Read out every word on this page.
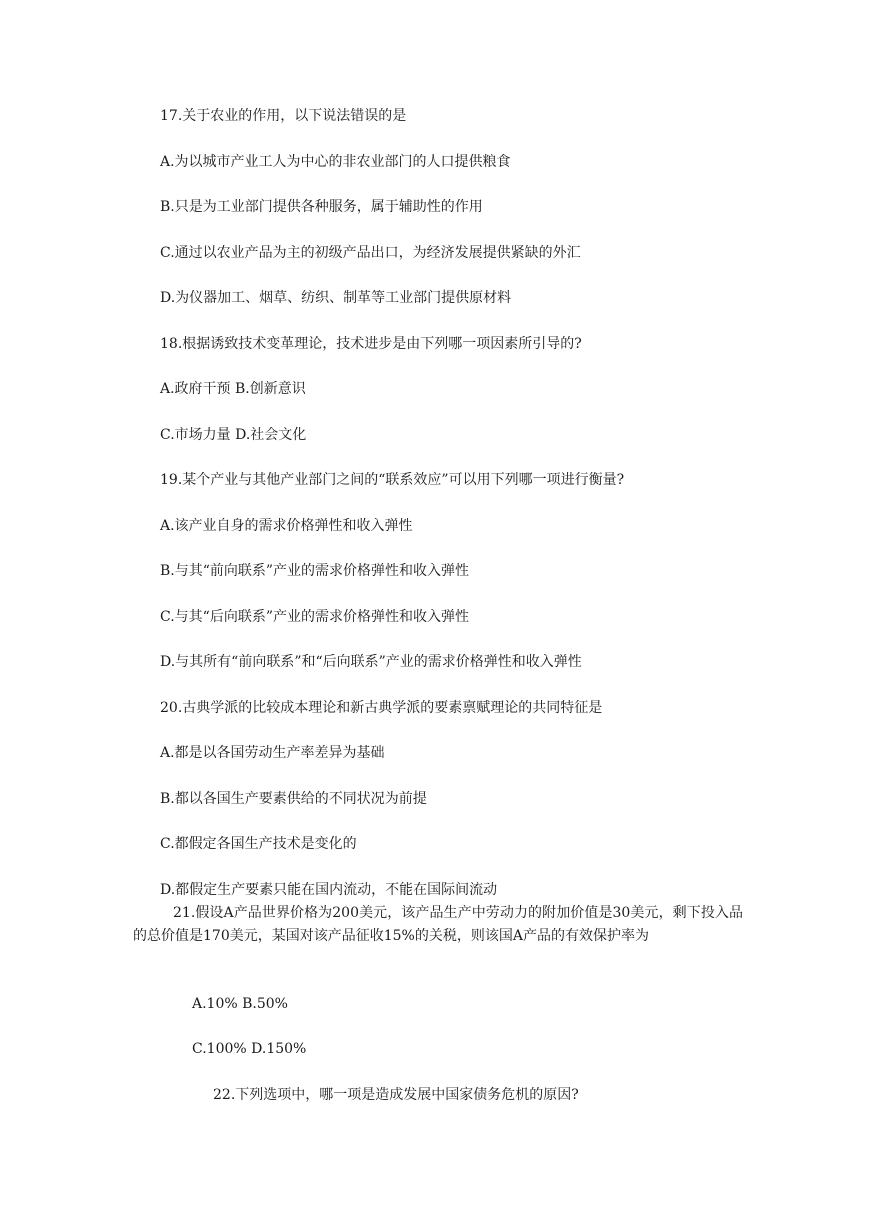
17.关于农业的作用，以下说法错误的是

A.为以城市产业工人为中心的非农业部门的人口提供粮食

B.只是为工业部门提供各种服务，属于辅助性的作用

C.通过以农业产品为主的初级产品出口，为经济发展提供紧缺的外汇

D.为仪器加工、烟草、纺织、制革等工业部门提供原材料

18.根据诱致技术变革理论，技术进步是由下列哪一项因素所引导的?

A.政府干预 B.创新意识

C.市场力量 D.社会文化

19.某个产业与其他产业部门之间的“联系效应”可以用下列哪一项进行衡量?

A.该产业自身的需求价格弹性和收入弹性

B.与其“前向联系”产业的需求价格弹性和收入弹性

C.与其“后向联系”产业的需求价格弹性和收入弹性

D.与其所有“前向联系”和“后向联系”产业的需求价格弹性和收入弹性

20.古典学派的比较成本理论和新古典学派的要素禀赋理论的共同特征是

A.都是以各国劳动生产率差异为基础

B.都以各国生产要素供给的不同状况为前提

C.都假定各国生产技术是变化的

D.都假定生产要素只能在国内流动，不能在国际间流动

21.假设A产品世界价格为200美元，该产品生产中劳动力的附加价值是30美元，剩下投入品的总价值是170美元，某国对该产品征收15%的关税，则该国A产品的有效保护率为

A.10% B.50%

C.100% D.150%

22.下列选项中，哪一项是造成发展中国家债务危机的原因?
